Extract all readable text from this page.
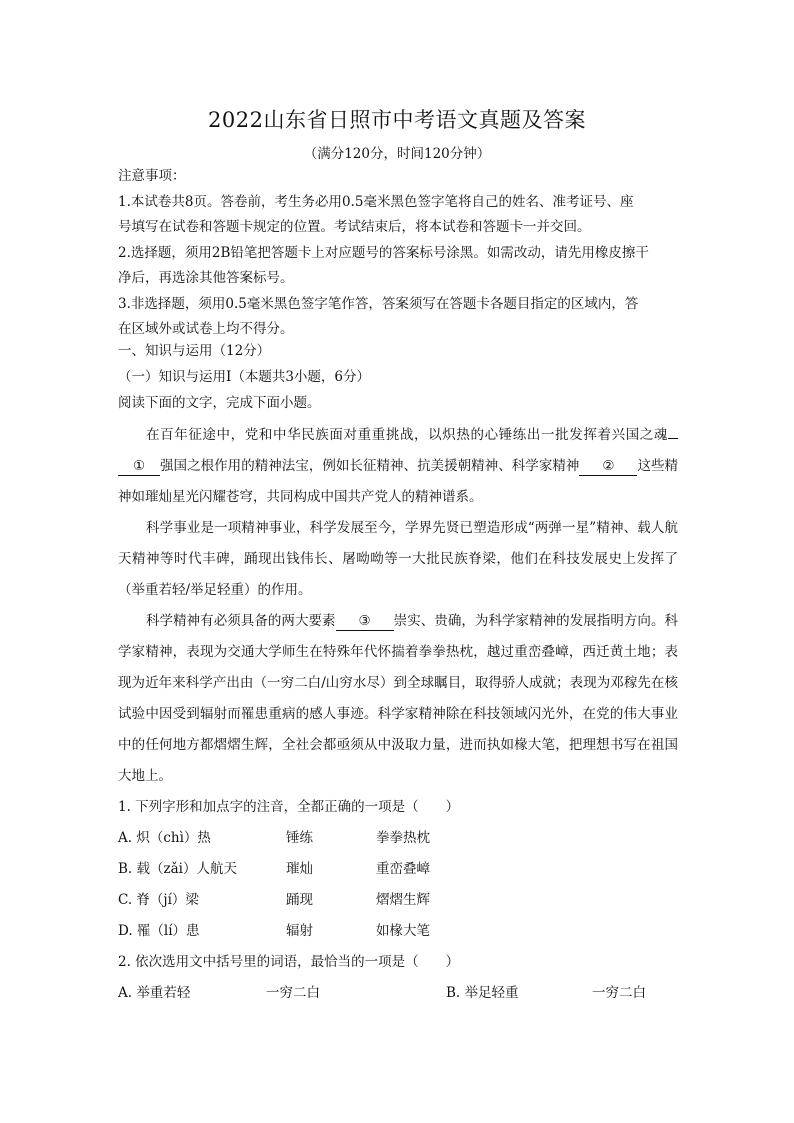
2022山东省日照市中考语文真题及答案
（满分120分，时间120分钟）

注意事项：

1.本试卷共8页。答卷前，考生务必用0.5毫米黑色签字笔将自己的姓名、准考证号、座

号填写在试卷和答题卡规定的位置。考试结束后，将本试卷和答题卡一并交回。

2.选择题，须用2B铅笔把答题卡上对应题号的答案标号涂黑。如需改动，请先用橡皮擦干

净后，再选涂其他答案标号。

3.非选择题，须用0.5毫米黑色签字笔作答，答案须写在答题卡各题目指定的区域内，答

在区域外或试卷上均不得分。

一、知识与运用（12分）

（一）知识与运用Ⅰ（本题共3小题，6分）

阅读下面的文字，完成下面小题。

在百年征途中，党和中华民族面对重重挑战，以炽热的心锤练出一批发挥着兴国之魂① 强国之根作用的精神法宝，例如长征精神、抗美援朝精神、科学家精神 ② 这些精神如璀灿星光闪耀苍穹，共同构成中国共产党人的精神谱系。

科学事业是一项精神事业，科学发展至今，学界先贤已塑造形成“两弹一星”精神、载人航天精神等时代丰碑，踊现出钱伟长、屠呦呦等一大批民族脊梁，他们在科技发展史上发挥了（举重若轻/举足轻重）的作用。

科学精神有必须具备的两大要素 ③ 崇实、贵确，为科学家精神的发展指明方向。科学家精神，表现为交通大学师生在特殊年代怀揣着拳拳热枕，越过重峦叠嶂，西迁黄土地；表现为近年来科学产出由（一穷二白/山穷水尽）到全球瞩目，取得骄人成就；表现为邓稼先在核试验中因受到辐射而罹患重病的感人事迹。科学家精神除在科技领域闪光外，在党的伟大事业中的任何地方都熠熠生辉，全社会都亟须从中汲取力量，进而执如椽大笔，把理想书写在祖国大地上。

1. 下列字形和加点字的注音，全都正确的一项是（　　）
A. 炽（chì）热	锤练	拳拳热枕
B. 载（zǎi）人航天	璀灿	重峦叠嶂
C. 脊（jí）梁	踊现	熠熠生辉
D. 罹（lí）患	辐射	如椽大笔
2. 依次选用文中括号里的词语，最恰当的一项是（　　）
A. 举重若轻	一穷二白	B. 举足轻重	一穷二白
